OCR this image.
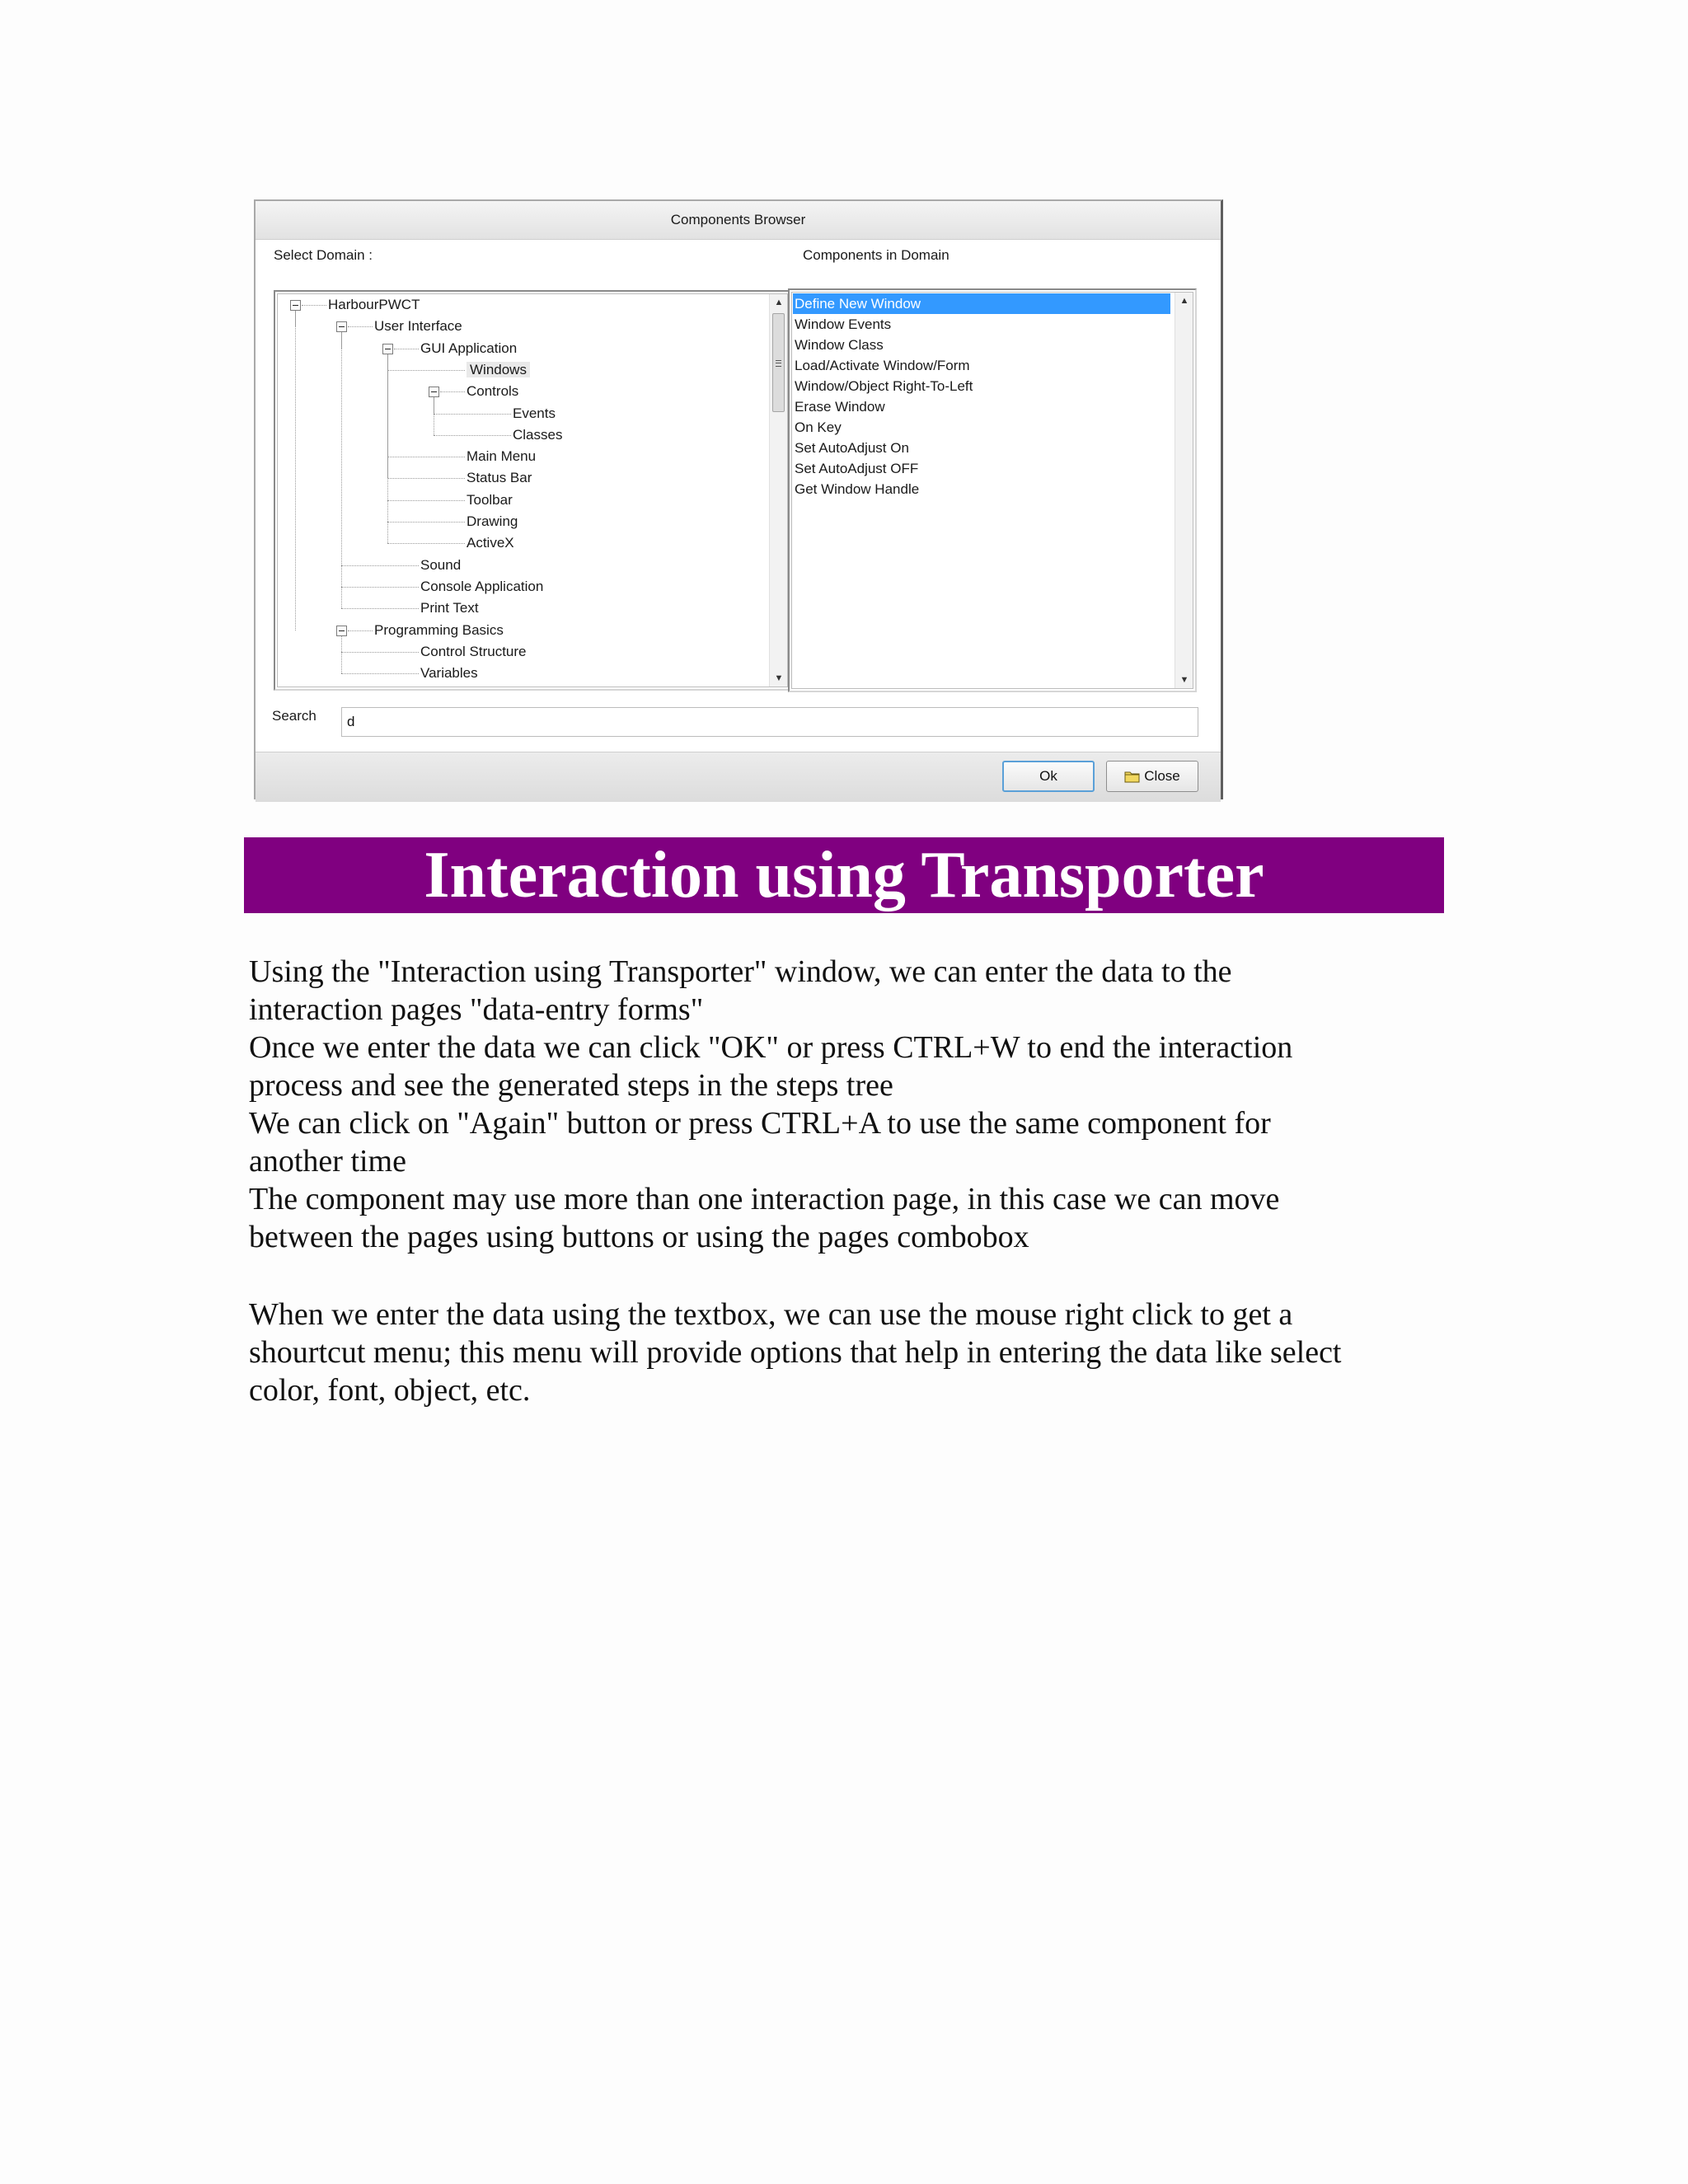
Components Browser
Select Domain :	Components in Domain
HarbourPWCT
User Interface
GUI Application
Windows
Controls
Events
Classes
Main Menu
Status Bar
Toolbar
Drawing
ActiveX
Sound
Console Application
Print Text
Programming Basics
Control Structure
Variables
▲
▼
Define New Window
Window Events
Window Class
Load/Activate Window/Form
Window/Object Right-To-Left
Erase Window
On Key
Set AutoAdjust On
Set AutoAdjust OFF
Get Window Handle
▲
▼
Search
d
Ok	Close
Interaction using Transporter
Using the "Interaction using Transporter" window, we can enter the data to the
interaction pages "data-entry forms"
Once we enter the data we can click "OK" or press CTRL+W to end the interaction
process and see the generated steps in the steps tree
We can click on "Again" button or press CTRL+A to use the same component for
another time
The component may use more than one interaction page, in this case we can move
between the pages using buttons or using the pages combobox
When we enter the data using the textbox, we can use the mouse right click to get a
shourtcut menu; this menu will provide options that help in entering the data like select
color, font, object, etc.
